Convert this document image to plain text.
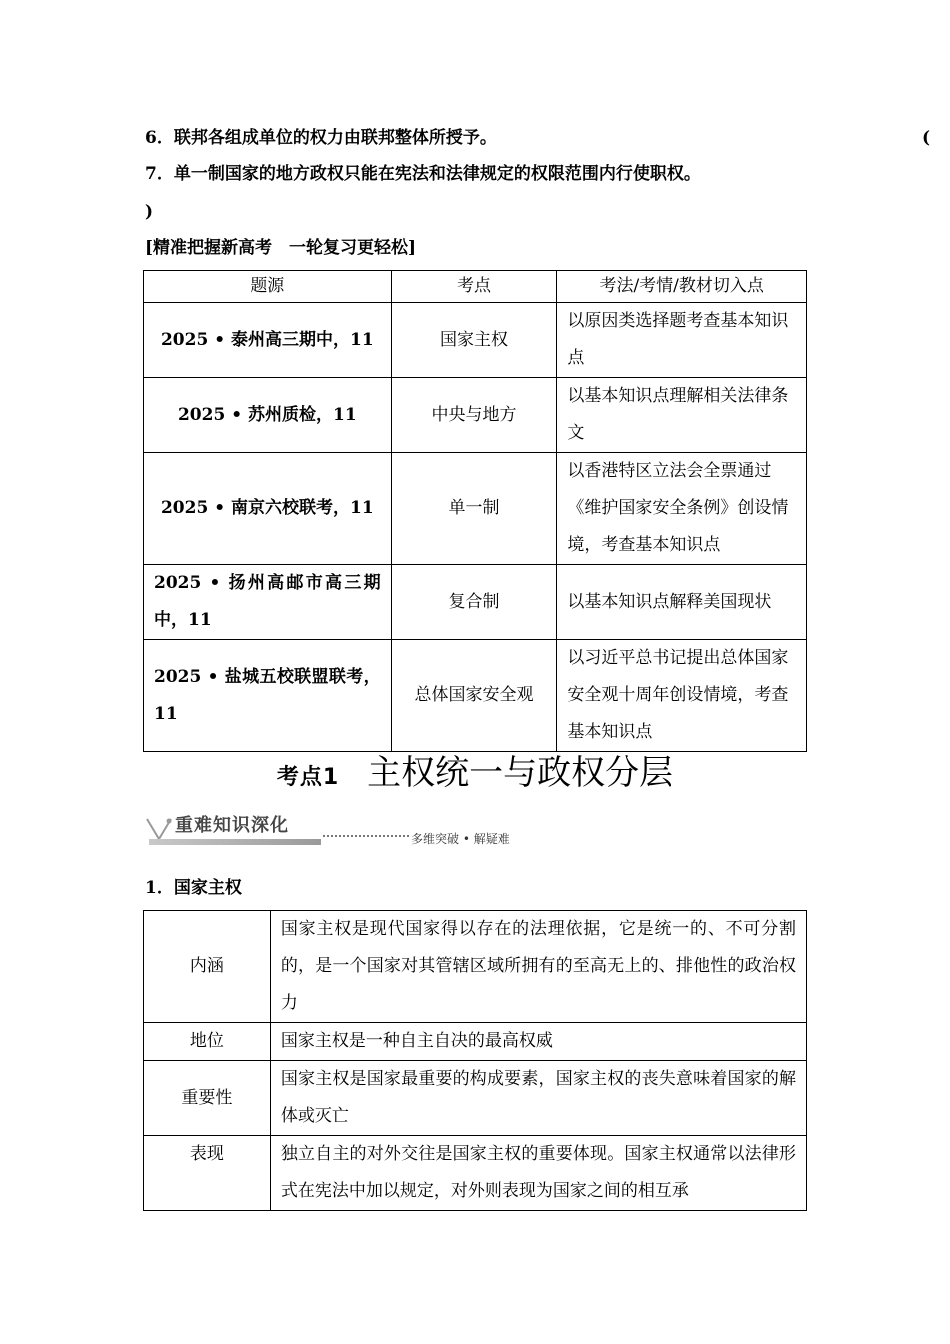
6．联邦各组成单位的权力由联邦整体所授予。	(
7．单一制国家的地方政权只能在宪法和法律规定的权限范围内行使职权。
)
[精准把握新高考　一轮复习更轻松]
题源	考点	考法/考情/教材切入点
2025 • 泰州高三期中，11	国家主权	以原因类选择题考查基本知识点
2025 • 苏州质检，11	中央与地方	以基本知识点理解相关法律条文
2025 • 南京六校联考，11	单一制	以香港特区立法会全票通过《维护国家安全条例》创设情境，考查基本知识点
2025 • 扬州高邮市高三期中，11	复合制	以基本知识点解释美国现状
2025 • 盐城五校联盟联考，11	总体国家安全观	以习近平总书记提出总体国家安全观十周年创设情境，考查基本知识点
考点1 主权统一与政权分层
重难知识深化
多维突破 • 解疑难
1．国家主权
内涵	国家主权是现代国家得以存在的法理依据，它是统一的、不可分割的，是一个国家对其管辖区域所拥有的至高无上的、排他性的政治权力
地位	国家主权是一种自主自决的最高权威
重要性	国家主权是国家最重要的构成要素，国家主权的丧失意味着国家的解体或灭亡
表现	独立自主的对外交往是国家主权的重要体现。国家主权通常以法律形式在宪法中加以规定，对外则表现为国家之间的相互承
